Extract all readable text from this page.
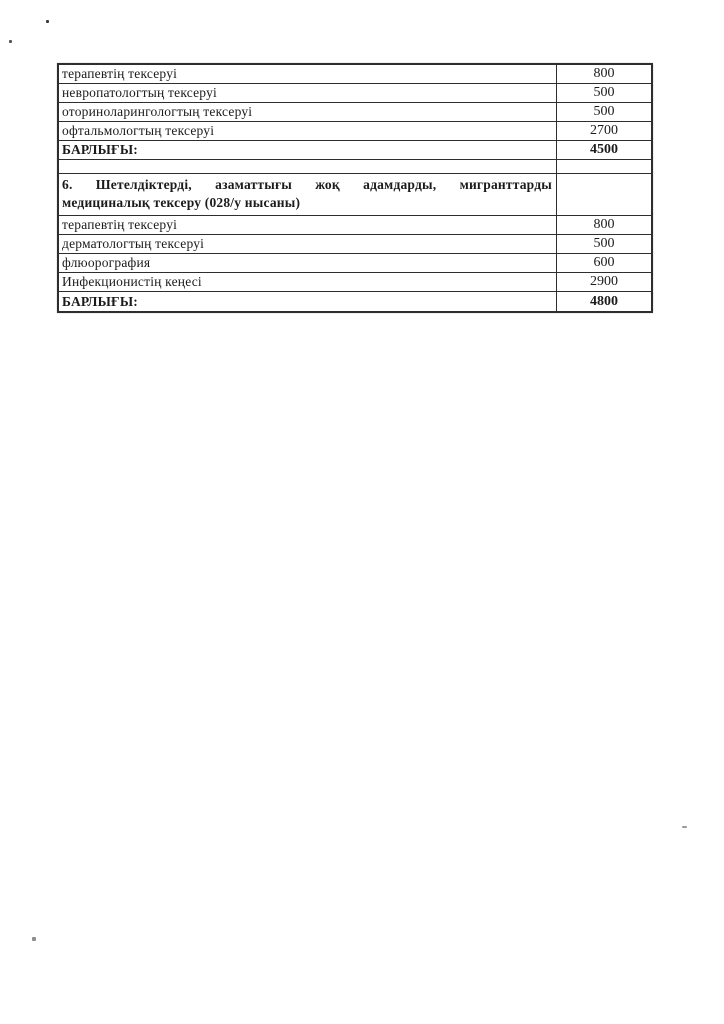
терапевтің тексеруі	800
невропатологтың тексеруі	500
оториноларингологтың тексеруі	500
офтальмологтың тексеруі	2700
БАРЛЫҒЫ:	4500
6. Шетелдіктерді, азаматтығы жоқ адамдарды, мигранттарды
медициналық тексеру (028/у нысаны)
терапевтің тексеруі	800
дерматологтың тексеруі	500
флюорография	600
Инфекционистің кеңесі	2900
БАРЛЫҒЫ:	4800
